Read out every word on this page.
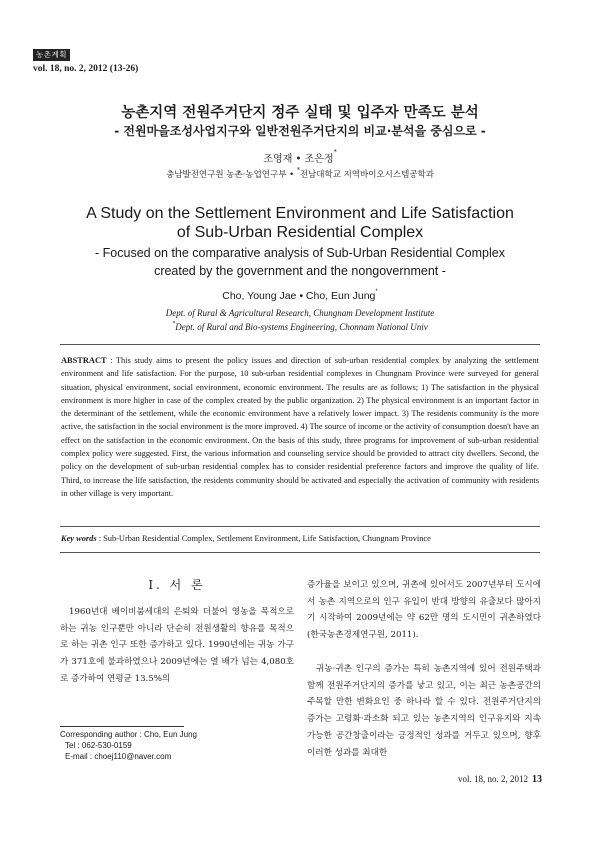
농촌계획
vol. 18, no. 2, 2012 (13-26)
농촌지역 전원주거단지 정주 실태 및 입주자 만족도 분석
- 전원마을조성사업지구와 일반전원주거단지의 비교·분석을 중심으로 -
조영재 • 조은정*
충남발전연구원 농촌·농업연구부 • *전남대학교 지역바이오시스템공학과
A Study on the Settlement Environment and Life Satisfaction
of Sub-Urban Residential Complex
- Focused on the comparative analysis of Sub-Urban Residential Complex
created by the government and the nongovernment -
Cho, Young Jae • Cho, Eun Jung*
Dept. of Rural & Agricultural Research, Chungnam Development Institute
*Dept. of Rural and Bio-systems Engineering, Chonnam National Univ

ABSTRACT : This study aims to present the policy issues and direction of sub-urban residential complex by analyzing the settlement environment and life satisfaction. For the purpose, 10 sub-urban residential complexes in Chungnam Province were surveyed for general situation, physical environment, social environment, economic environment. The results are as follows; 1) The satisfaction in the physical environment is more higher in case of the complex created by the public organization. 2) The physical environment is an important factor in the determinant of the settlement, while the economic environment have a relatively lower impact. 3) The residents community is the more active, the satisfaction in the social environment is the more improved. 4) The source of income or the activity of consumption doesn't have an effect on the satisfaction in the economic environment. On the basis of this study, three programs for improvement of sub-urban residential complex policy were suggested. First, the various information and counseling service should be provided to attract city dwellers. Second, the policy on the development of sub-urban residential complex has to consider residential preference factors and improve the quality of life. Third, to increase the life satisfaction, the residents community should be activated and especially the activation of community with residents in other village is very important.

Key words : Sub-Urban Residential Complex, Settlement Environment, Life Satisfaction, Chungnam Province
I. 서 론

1960년대 베이비붐세대의 은퇴와 더불어 영농을 목적으로 하는 귀농 인구뿐만 아니라 단순히 전원생활의 향유를 목적으로 하는 귀촌 인구 또한 증가하고 있다. 1990년에는 귀농 가구가 371호에 불과하였으나 2009년에는 열 배가 넘는 4,080호로 증가하여 연평균 13.5%의

증가율을 보이고 있으며, 귀촌에 있어서도 2007년부터 도시에서 농촌 지역으로의 인구 유입이 반대 방향의 유출보다 많아지기 시작하여 2009년에는 약 62만 명의 도시민이 귀촌하였다(한국농촌경제연구원, 2011).

귀농·귀촌 인구의 증가는 특히 농촌지역에 있어 전원주택과 함께 전원주거단지의 증가를 낳고 있고, 이는 최근 농촌공간의 주목할 만한 변화요인 중 하나라 할 수 있다. 전원주거단지의 증가는 고령화·과소화 되고 있는 농촌지역의 인구유지와 지속가능한 공간창출이라는 긍정적인 성과를 거두고 있으며, 향후 이러한 성과를 최대한

Corresponding author : Cho, Eun Jung
Tel : 062-530-0159
E-mail : choej110@naver.com
vol. 18, no. 2, 2012 13
